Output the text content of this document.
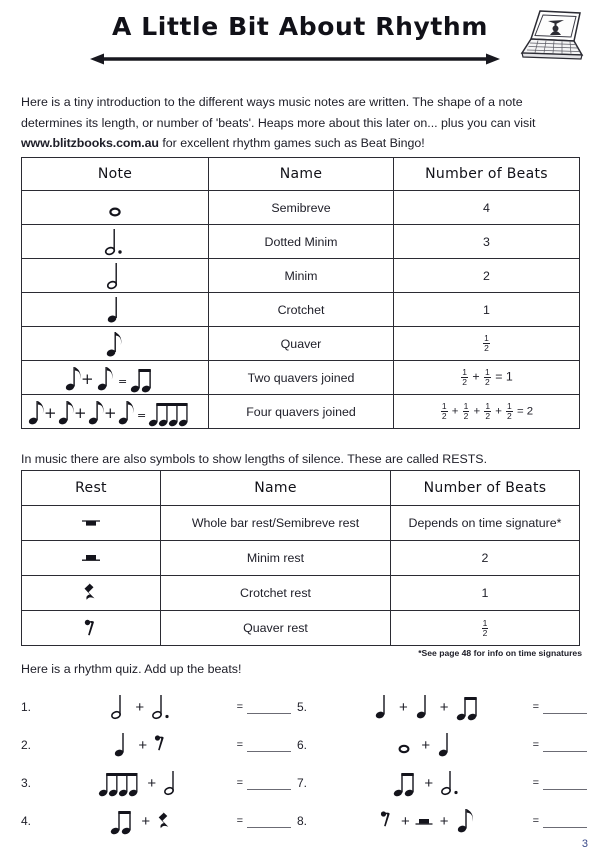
A Little Bit About Rhythm

Here is a tiny introduction to the different ways music notes are written. The shape of a note determines its length, or number of 'beats'. Heaps more about this later on... plus you can visit www.blitzbooks.com.au for excellent rhythm games such as Beat Bingo!

Note	Name	Number of Beats

	Semibreve	4

	Dotted Minim	3

	Minim	2

	Crotchet	1

	Quaver	$\frac{1}{2}$

+ =	Two quavers joined	$\frac{1}{2} + \frac{1}{2} = 1$

+ + + =	Four quavers joined	$\frac{1}{2} + \frac{1}{2} + \frac{1}{2} + \frac{1}{2} = 2$

In music there are also symbols to show lengths of silence. These are called RESTS.

Rest	Name	Number of Beats

	Whole bar rest/Semibreve rest	Depends on time signature*

	Minim rest	2

	Crotchet rest	1

	Quaver rest	$\frac{1}{2}$
*See page 48 for info on time signatures
Here is a rhythm quiz. Add up the beats!
1.	+	=
2.	+	=
3.	+	=
4.	+	=
5.	+ +	=
6.	+	=
7.	+	=
8.	+ +	=
3
